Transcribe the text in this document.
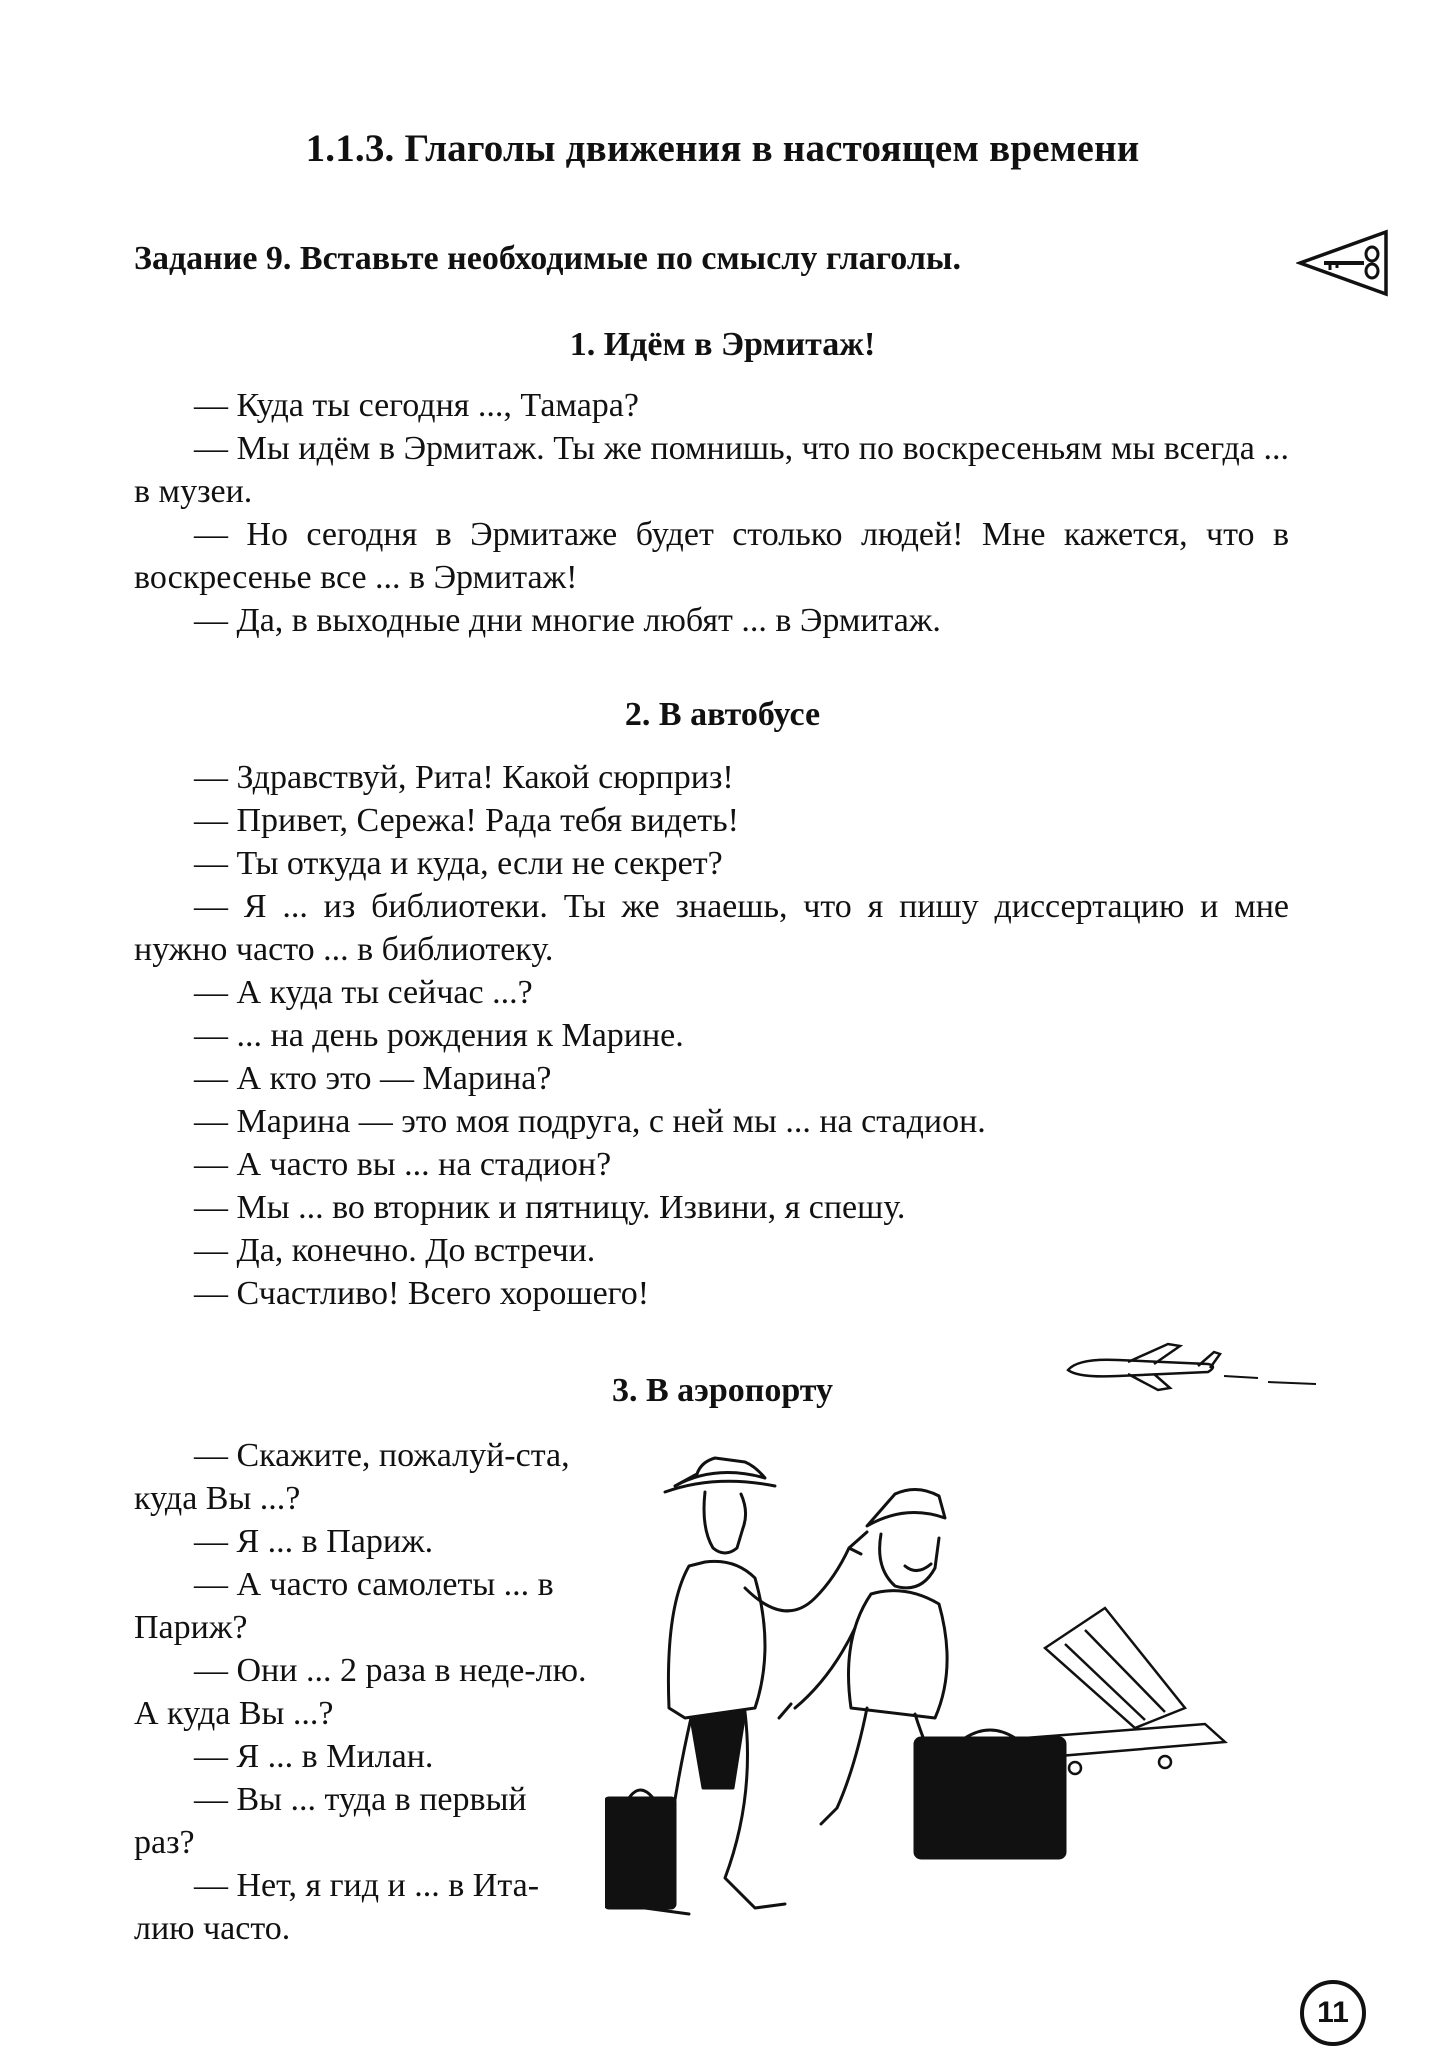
1.1.3. Глаголы движения в настоящем времени
Задание 9. Вставьте необходимые по смыслу глаголы.
1. Идём в Эрмитаж!

— Куда ты сегодня ..., Тамара?

— Мы идём в Эрмитаж. Ты же помнишь, что по воскресеньям мы всегда ... в музеи.

— Но сегодня в Эрмитаже будет столько людей! Мне кажется, что в воскресенье все ... в Эрмитаж!

— Да, в выходные дни многие любят ... в Эрмитаж.

2. В автобусе

— Здравствуй, Рита! Какой сюрприз!

— Привет, Сережа! Рада тебя видеть!

— Ты откуда и куда, если не секрет?

— Я ... из библиотеки. Ты же знаешь, что я пишу диссертацию и мне нужно часто ... в библиотеку.

— А куда ты сейчас ...?

— ... на день рождения к Марине.

— А кто это — Марина?

— Марина — это моя подруга, с ней мы ... на стадион.

— А часто вы ... на стадион?

— Мы ... во вторник и пятницу. Извини, я спешу.

— Да, конечно. До встречи.

— Счастливо! Всего хорошего!

3. В аэропорту

— Скажите, пожалуй-ста, куда Вы ...?

— Я ... в Париж.

— А часто самолеты ... в Париж?

— Они ... 2 раза в неде-лю. А куда Вы ...?

— Я ... в Милан.

— Вы ... туда в первый раз?

— Нет, я гид и ... в Ита-лию часто.

11
